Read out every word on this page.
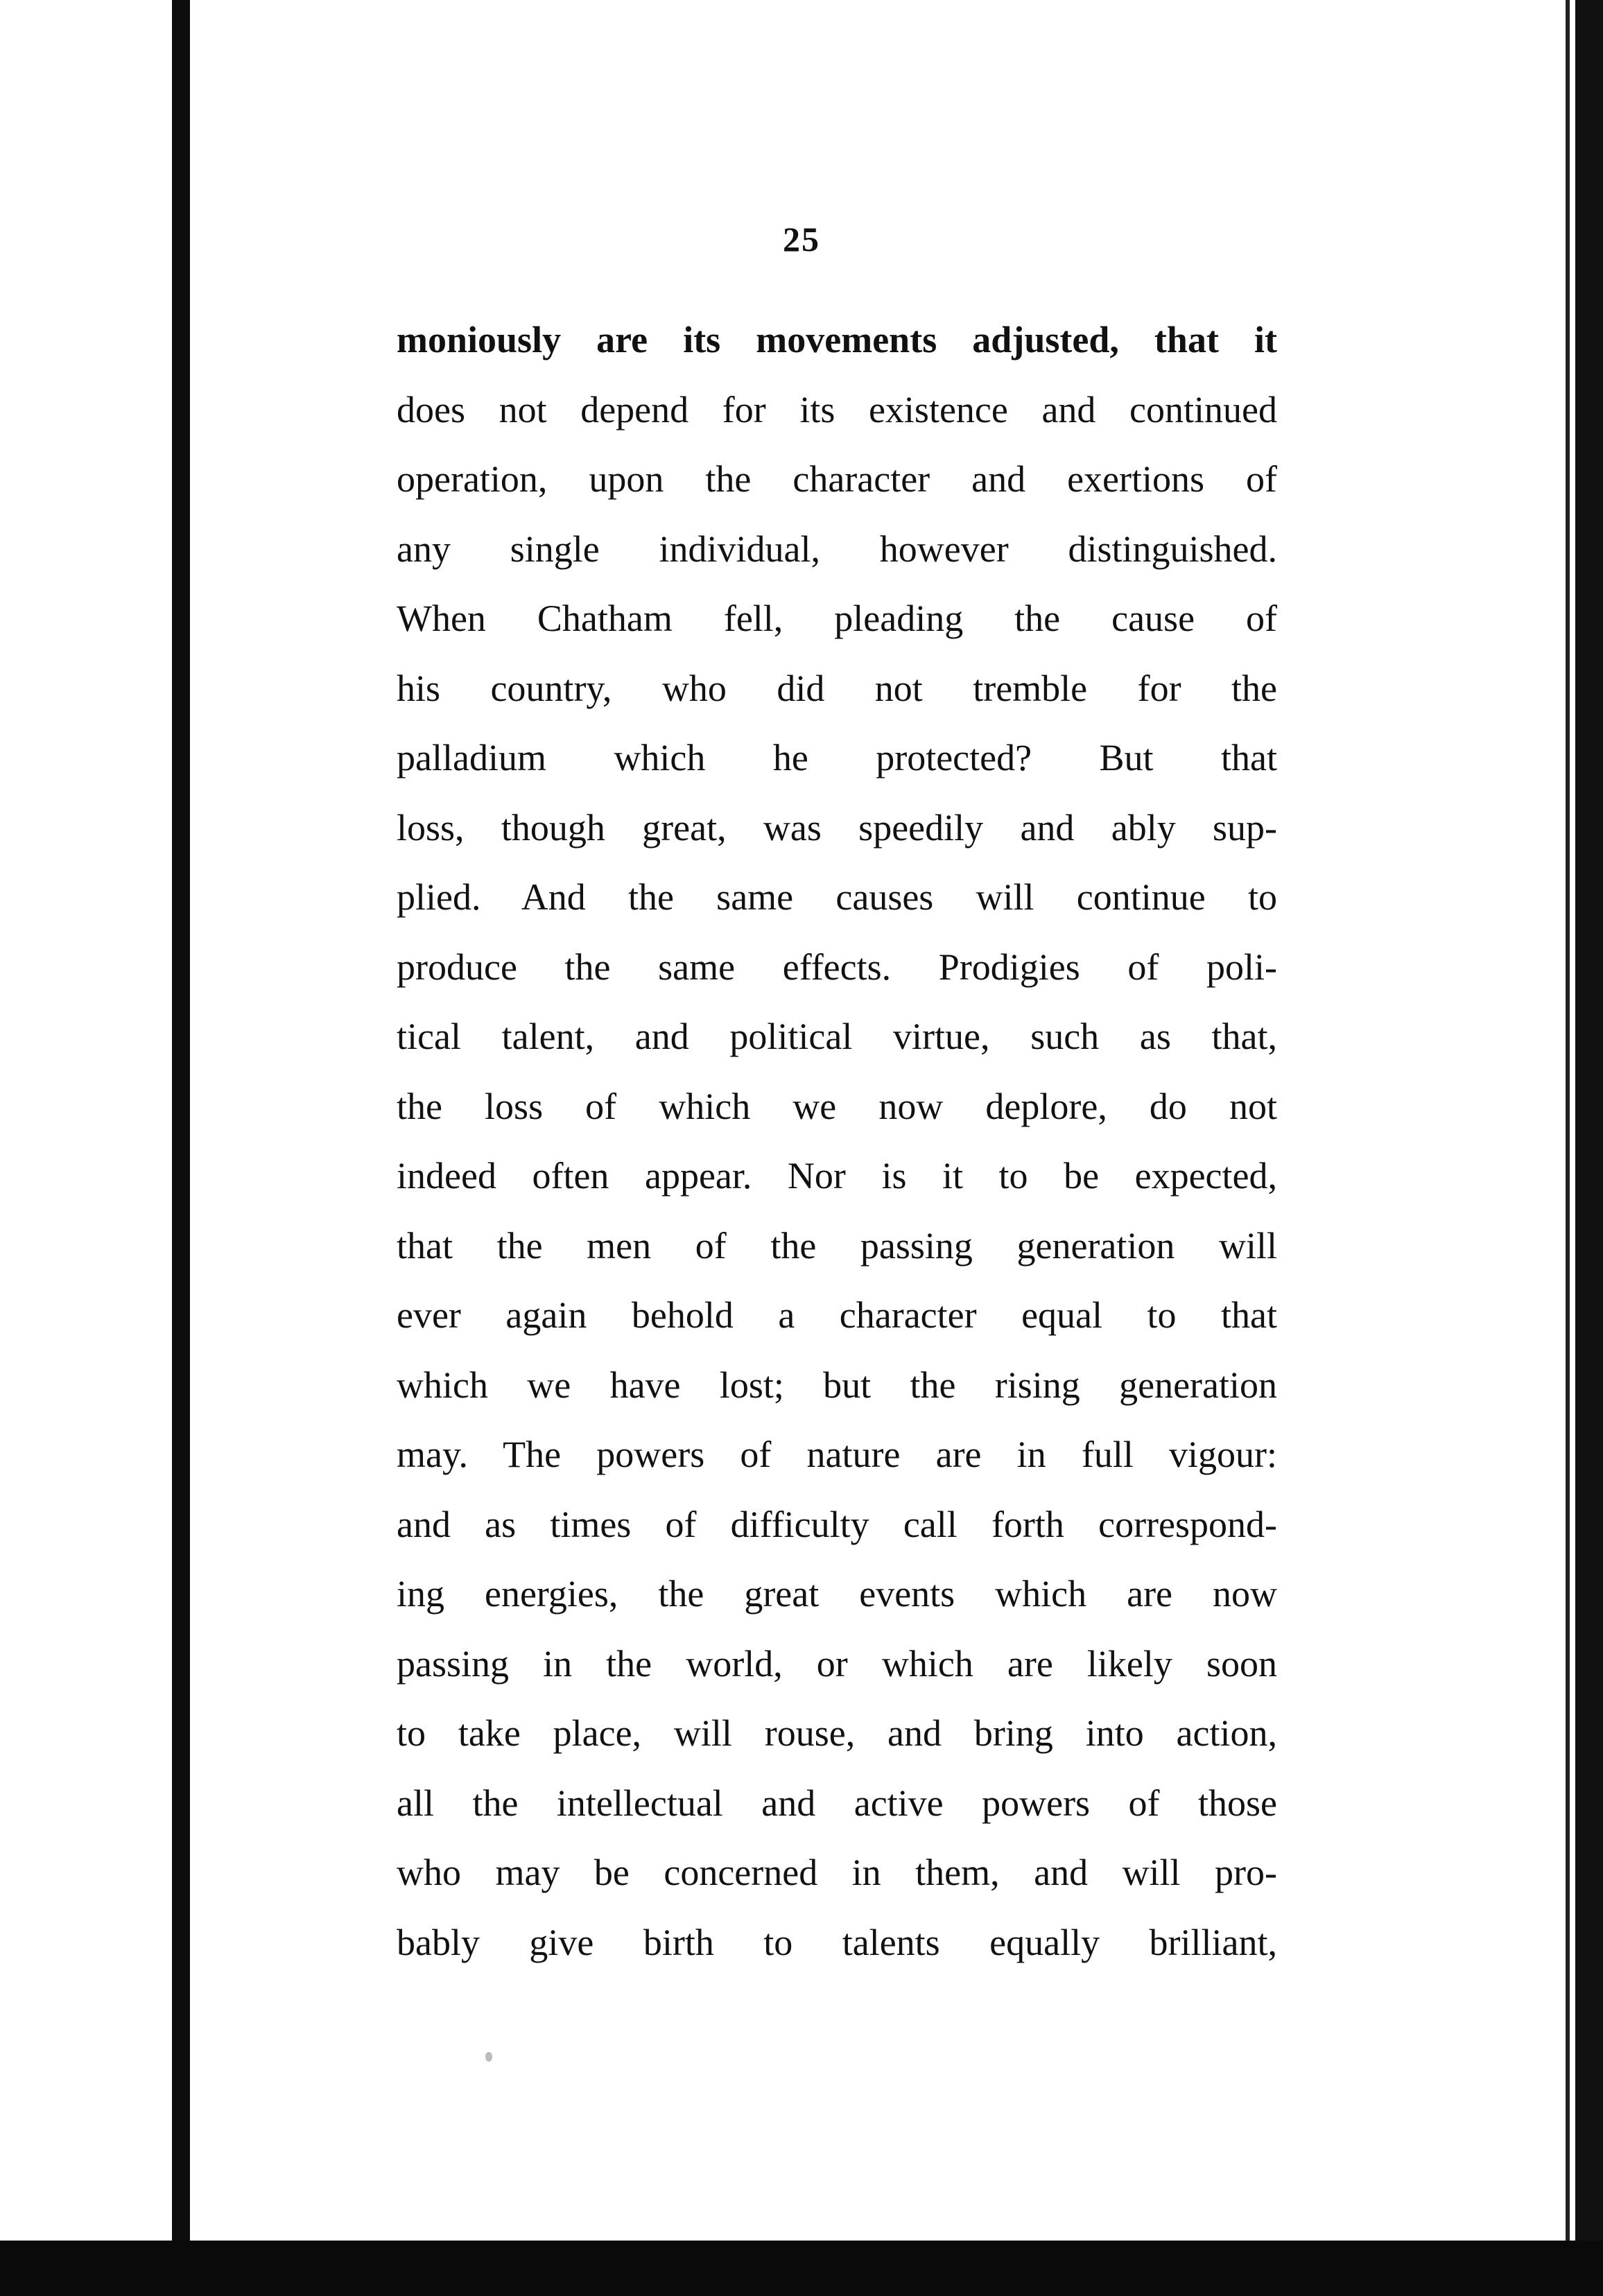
25
moniously are its movements adjusted, that it
does not depend for its existence and continued
operation, upon the character and exertions of
any single individual, however distinguished.
When Chatham fell, pleading the cause of
his country, who did not tremble for the
palladium which he protected? But that
loss, though great, was speedily and ably sup-
plied. And the same causes will continue to
produce the same effects. Prodigies of poli-
tical talent, and political virtue, such as that,
the loss of which we now deplore, do not
indeed often appear. Nor is it to be expected,
that the men of the passing generation will
ever again behold a character equal to that
which we have lost; but the rising generation
may. The powers of nature are in full vigour:
and as times of difficulty call forth correspond-
ing energies, the great events which are now
passing in the world, or which are likely soon
to take place, will rouse, and bring into action,
all the intellectual and active powers of those
who may be concerned in them, and will pro-
bably give birth to talents equally brilliant,
